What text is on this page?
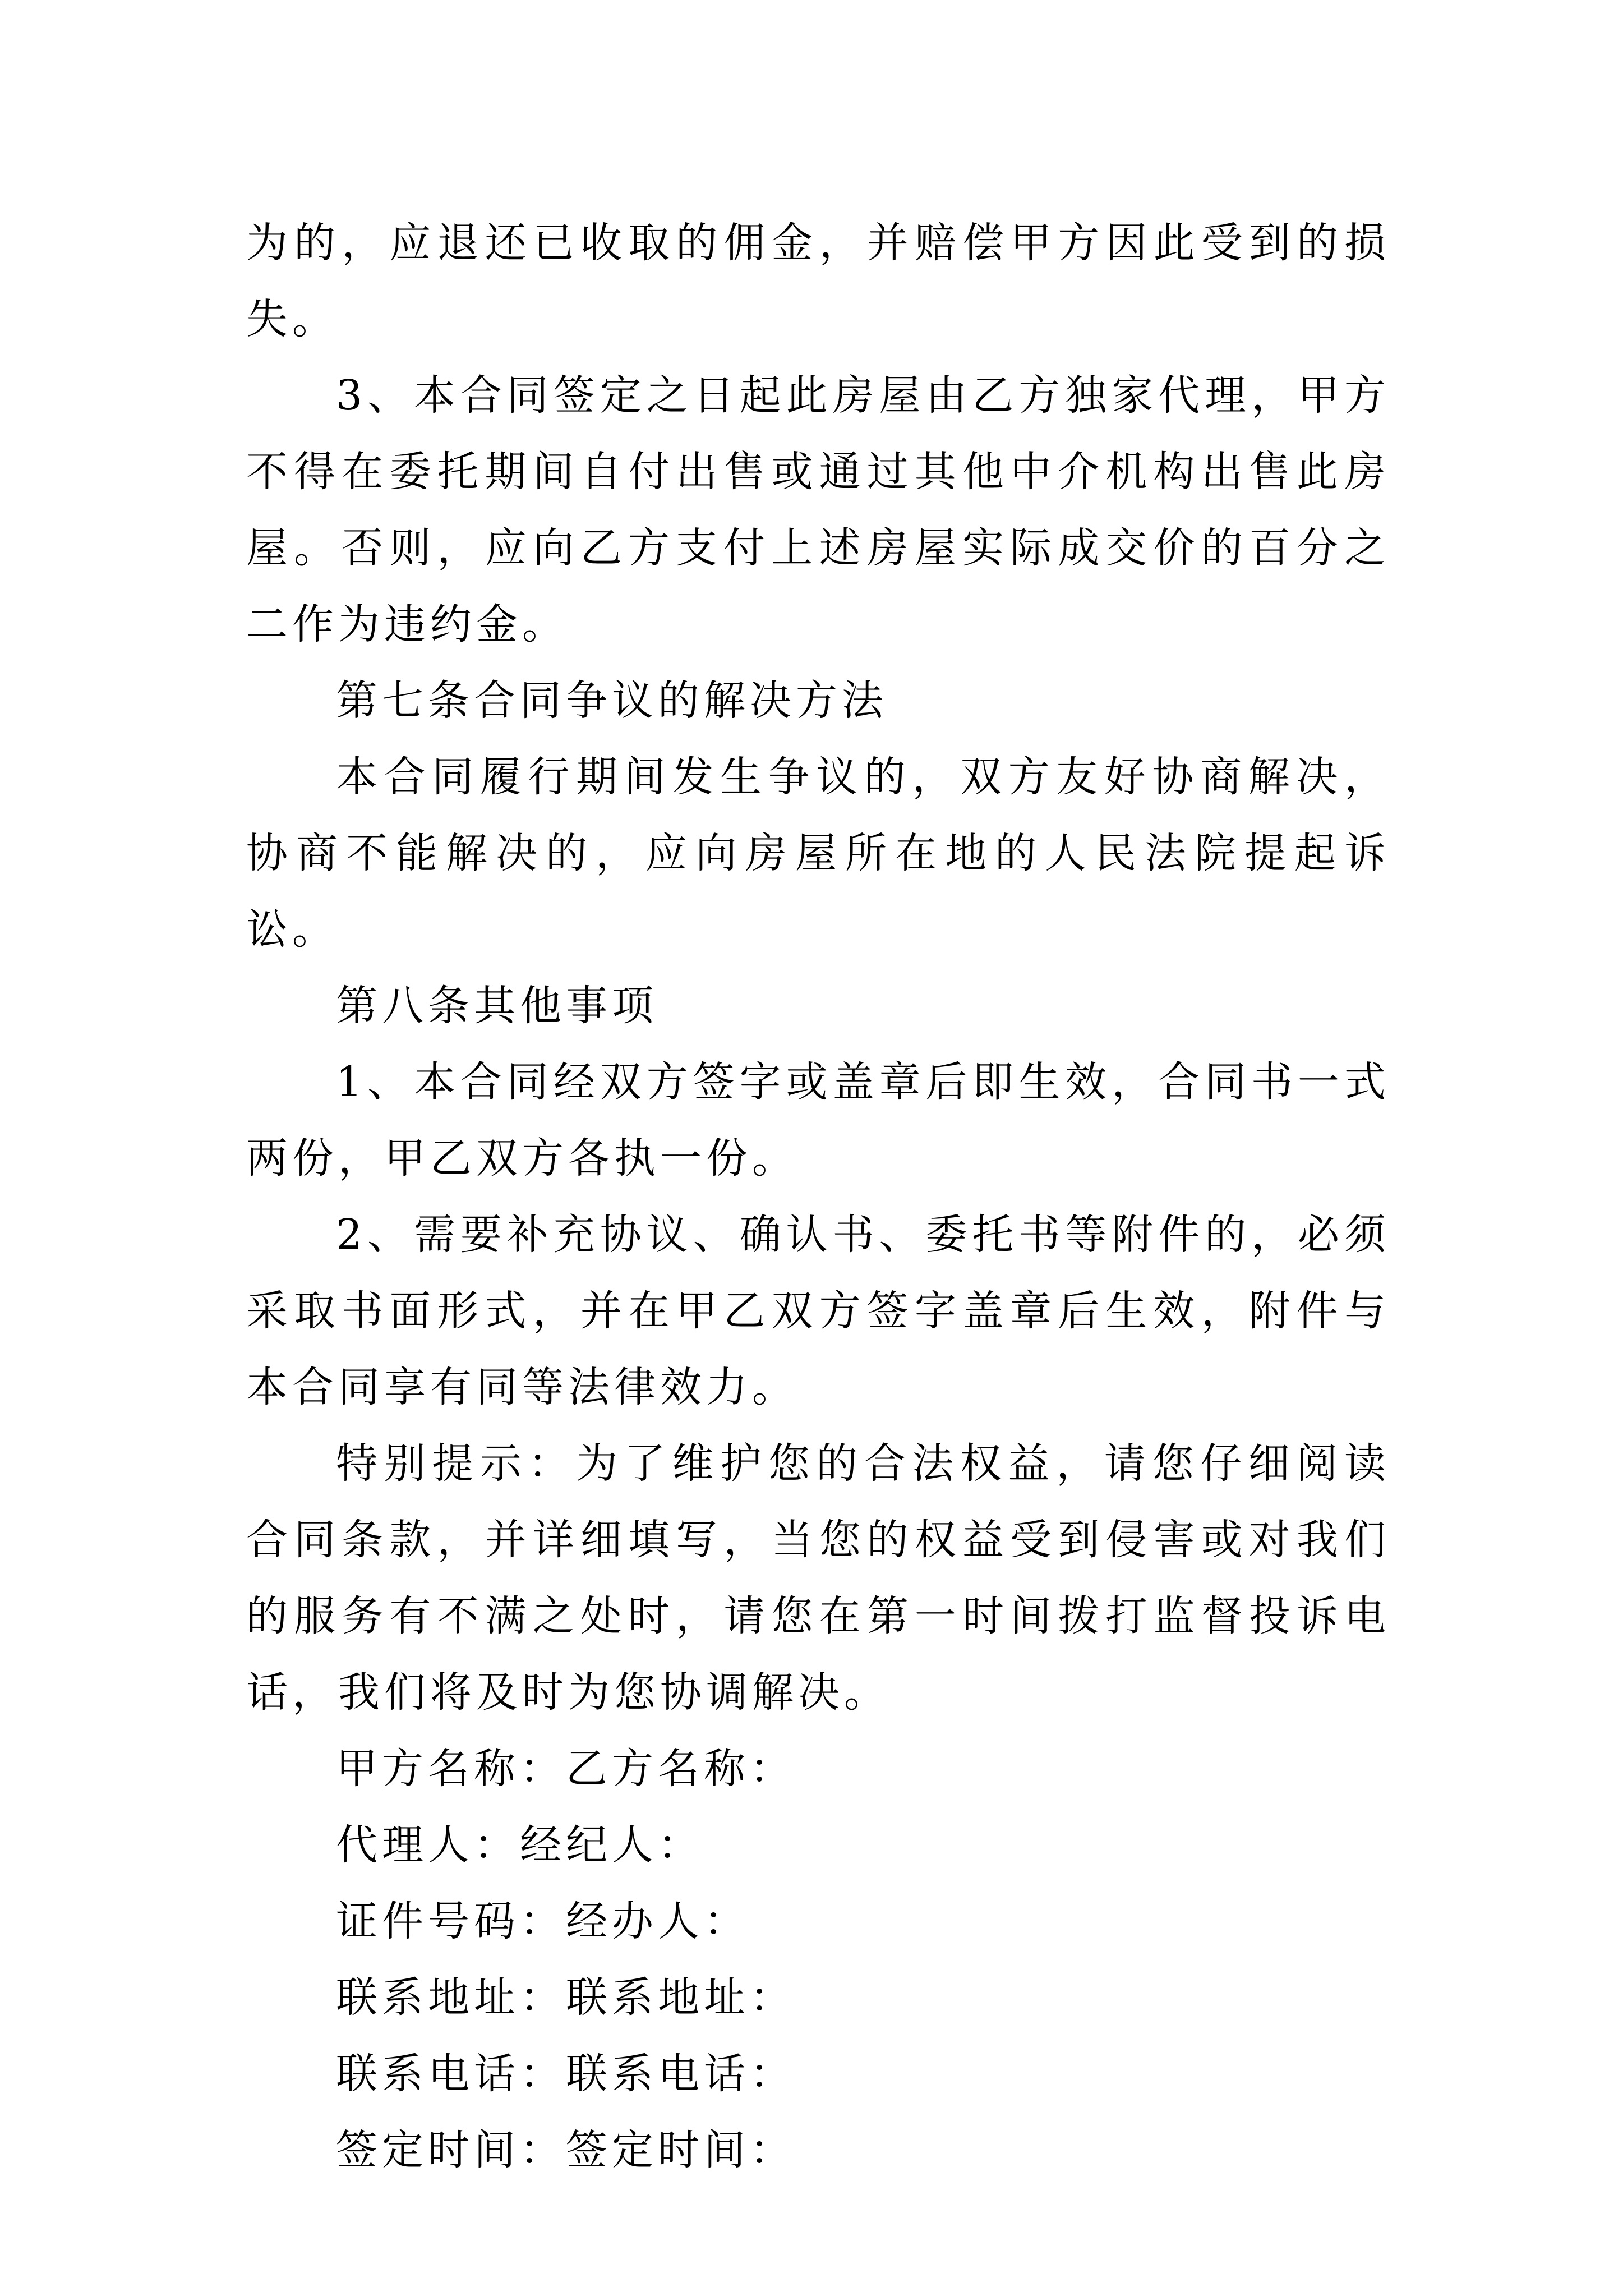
为的，应退还已收取的佣金，并赔偿甲方因此受到的损失。

3、本合同签定之日起此房屋由乙方独家代理，甲方不得在委托期间自付出售或通过其他中介机构出售此房屋。否则，应向乙方支付上述房屋实际成交价的百分之二作为违约金。

第七条合同争议的解决方法

本合同履行期间发生争议的，双方友好协商解决，协商不能解决的，应向房屋所在地的人民法院提起诉讼。

第八条其他事项

1、本合同经双方签字或盖章后即生效，合同书一式两份，甲乙双方各执一份。

2、需要补充协议、确认书、委托书等附件的，必须采取书面形式，并在甲乙双方签字盖章后生效，附件与本合同享有同等法律效力。

特别提示：为了维护您的合法权益，请您仔细阅读合同条款，并详细填写，当您的权益受到侵害或对我们的服务有不满之处时，请您在第一时间拨打监督投诉电话，我们将及时为您协调解决。

甲方名称：乙方名称：

代理人：经纪人：

证件号码：经办人：

联系地址：联系地址：

联系电话：联系电话：

签定时间：签定时间：
